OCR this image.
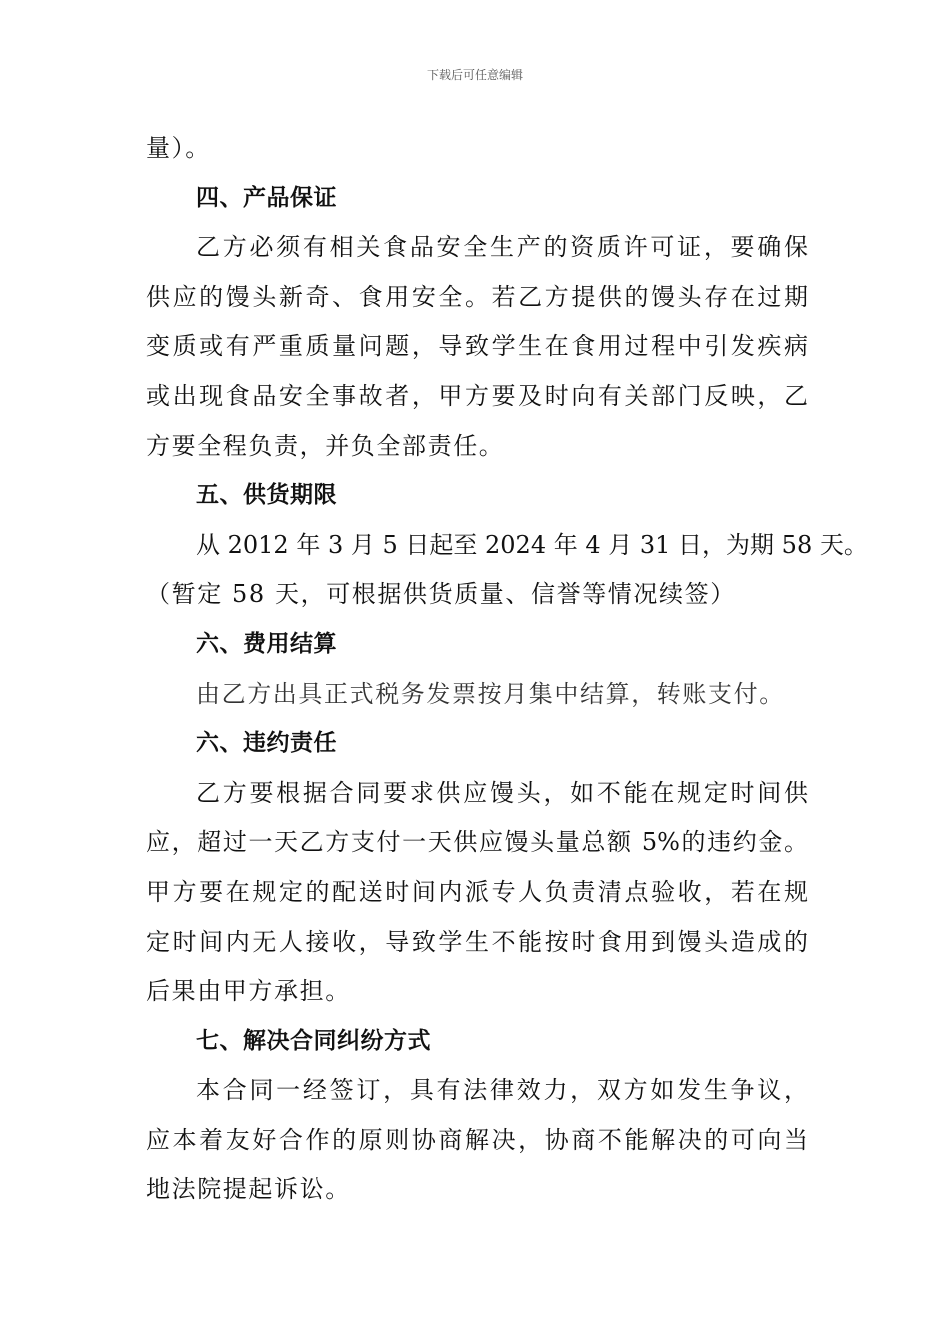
下载后可任意编辑
量）。
四、产品保证
乙方必须有相关食品安全生产的资质许可证，要确保
供应的馒头新奇、食用安全。若乙方提供的馒头存在过期
变质或有严重质量问题，导致学生在食用过程中引发疾病
或出现食品安全事故者，甲方要及时向有关部门反映，乙
方要全程负责，并负全部责任。
五、供货期限
从 2012 年 3 月 5 日起至 2024 年 4 月 31 日，为期 58 天。
（暂定 58 天，可根据供货质量、信誉等情况续签）
六、费用结算
由乙方出具正式税务发票按月集中结算，转账支付。
六、违约责任
乙方要根据合同要求供应馒头，如不能在规定时间供
应，超过一天乙方支付一天供应馒头量总额 5%的违约金。
甲方要在规定的配送时间内派专人负责清点验收，若在规
定时间内无人接收，导致学生不能按时食用到馒头造成的
后果由甲方承担。
七、解决合同纠纷方式
本合同一经签订，具有法律效力，双方如发生争议，
应本着友好合作的原则协商解决，协商不能解决的可向当
地法院提起诉讼。
